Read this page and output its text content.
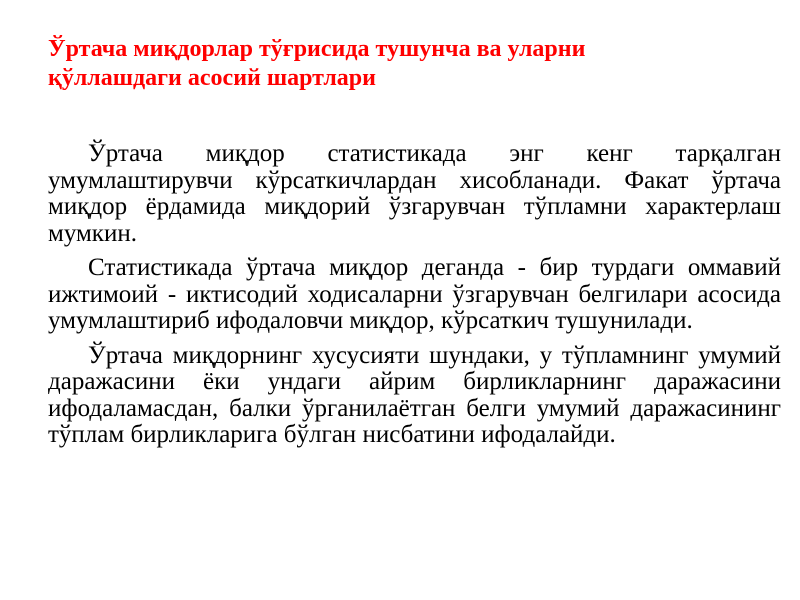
Ўртача миқдорлар тўғрисида тушунча ва уларни
қўллашдаги асосий шартлари

Ўртача миқдор статистикада энг кенг тарқалган умумлаштирувчи кўрсаткичлардан хисобланади. Факат ўртача миқдор ёрдамида миқдорий ўзгарувчан тўпламни характерлаш мумкин.

Статистикада ўртача миқдор деганда - бир турдаги оммавий ижтимоий - иктисодий ходисаларни ўзгарувчан белгилари асосида умумлаштириб ифодаловчи миқдор, кўрсаткич тушунилади.

Ўртача миқдорнинг хусусияти шундаки, у тўпламнинг умумий даражасини ёки ундаги айрим бирликларнинг даражасини ифодаламасдан, балки ўрганилаётган белги умумий даражасининг тўплам бирликларига бўлган нисбатини ифодалайди.
